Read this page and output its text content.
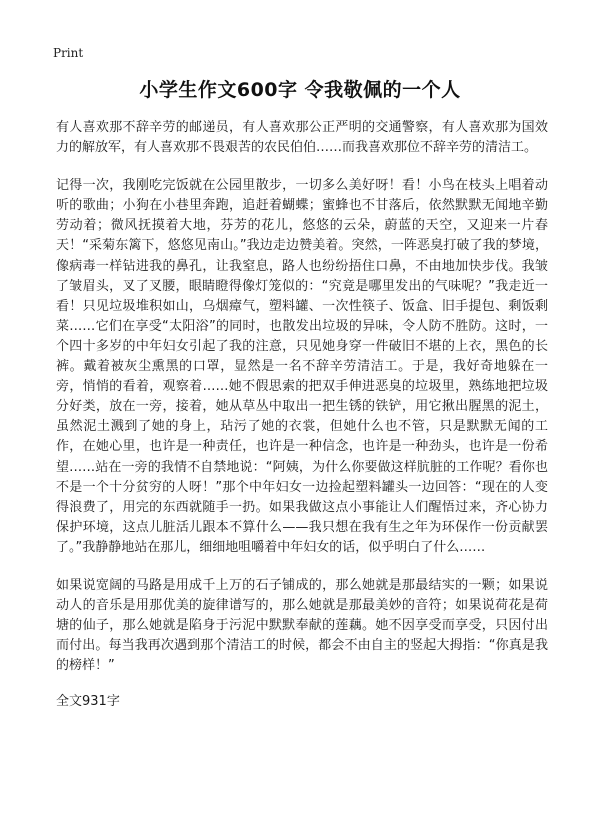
Print
小学生作文600字 令我敬佩的一个人

有人喜欢那不辞辛劳的邮递员，有人喜欢那公正严明的交通警察，有人喜欢那为国效力的解放军，有人喜欢那不畏艰苦的农民伯伯……而我喜欢那位不辞辛劳的清洁工。

记得一次，我刚吃完饭就在公园里散步，一切多么美好呀！看！小鸟在枝头上唱着动听的歌曲；小狗在小巷里奔跑，追赶着蝴蝶；蜜蜂也不甘落后，依然默默无闻地辛勤劳动着；微风抚摸着大地，芬芳的花儿，悠悠的云朵，蔚蓝的天空，又迎来一片春天！“采菊东篱下，悠悠见南山。”我边走边赞美着。突然，一阵恶臭打破了我的梦境，像病毒一样钻进我的鼻孔，让我窒息，路人也纷纷捂住口鼻，不由地加快步伐。我皱了皱眉头，叉了叉腰，眼睛瞪得像灯笼似的：“究竟是哪里发出的气味呢？”我走近一看！只见垃圾堆积如山，乌烟瘴气，塑料罐、一次性筷子、饭盒、旧手提包、剩饭剩菜……它们在享受“太阳浴”的同时，也散发出垃圾的异味，令人防不胜防。这时，一个四十多岁的中年妇女引起了我的注意，只见她身穿一件破旧不堪的上衣，黑色的长裤。戴着被灰尘熏黑的口罩，显然是一名不辞辛劳清洁工。于是，我好奇地躲在一旁，悄悄的看着，观察着……她不假思索的把双手伸进恶臭的垃圾里，熟练地把垃圾分好类，放在一旁，接着，她从草丛中取出一把生锈的铁铲，用它揪出腥黑的泥土，虽然泥土溅到了她的身上，玷污了她的衣裳，但她什么也不管，只是默默无闻的工作，在她心里，也许是一种责任，也许是一种信念，也许是一种劲头，也许是一份希望……站在一旁的我情不自禁地说：“阿姨，为什么你要做这样肮脏的工作呢？看你也不是一个十分贫穷的人呀！”那个中年妇女一边捡起塑料罐头一边回答：“现在的人变得浪费了，用完的东西就随手一扔。如果我做这点小事能让人们醒悟过来，齐心协力保护环境，这点儿脏活儿跟本不算什么——我只想在我有生之年为环保作一份贡献罢了。”我静静地站在那儿，细细地咀嚼着中年妇女的话，似乎明白了什么……

如果说宽阔的马路是用成千上万的石子铺成的，那么她就是那最结实的一颗；如果说动人的音乐是用那优美的旋律谱写的，那么她就是那最美妙的音符；如果说荷花是荷塘的仙子，那么她就是陷身于污泥中默默奉献的莲藕。她不因享受而享受，只因付出而付出。每当我再次遇到那个清洁工的时候，都会不由自主的竖起大拇指：“你真是我的榜样！”

全文931字
